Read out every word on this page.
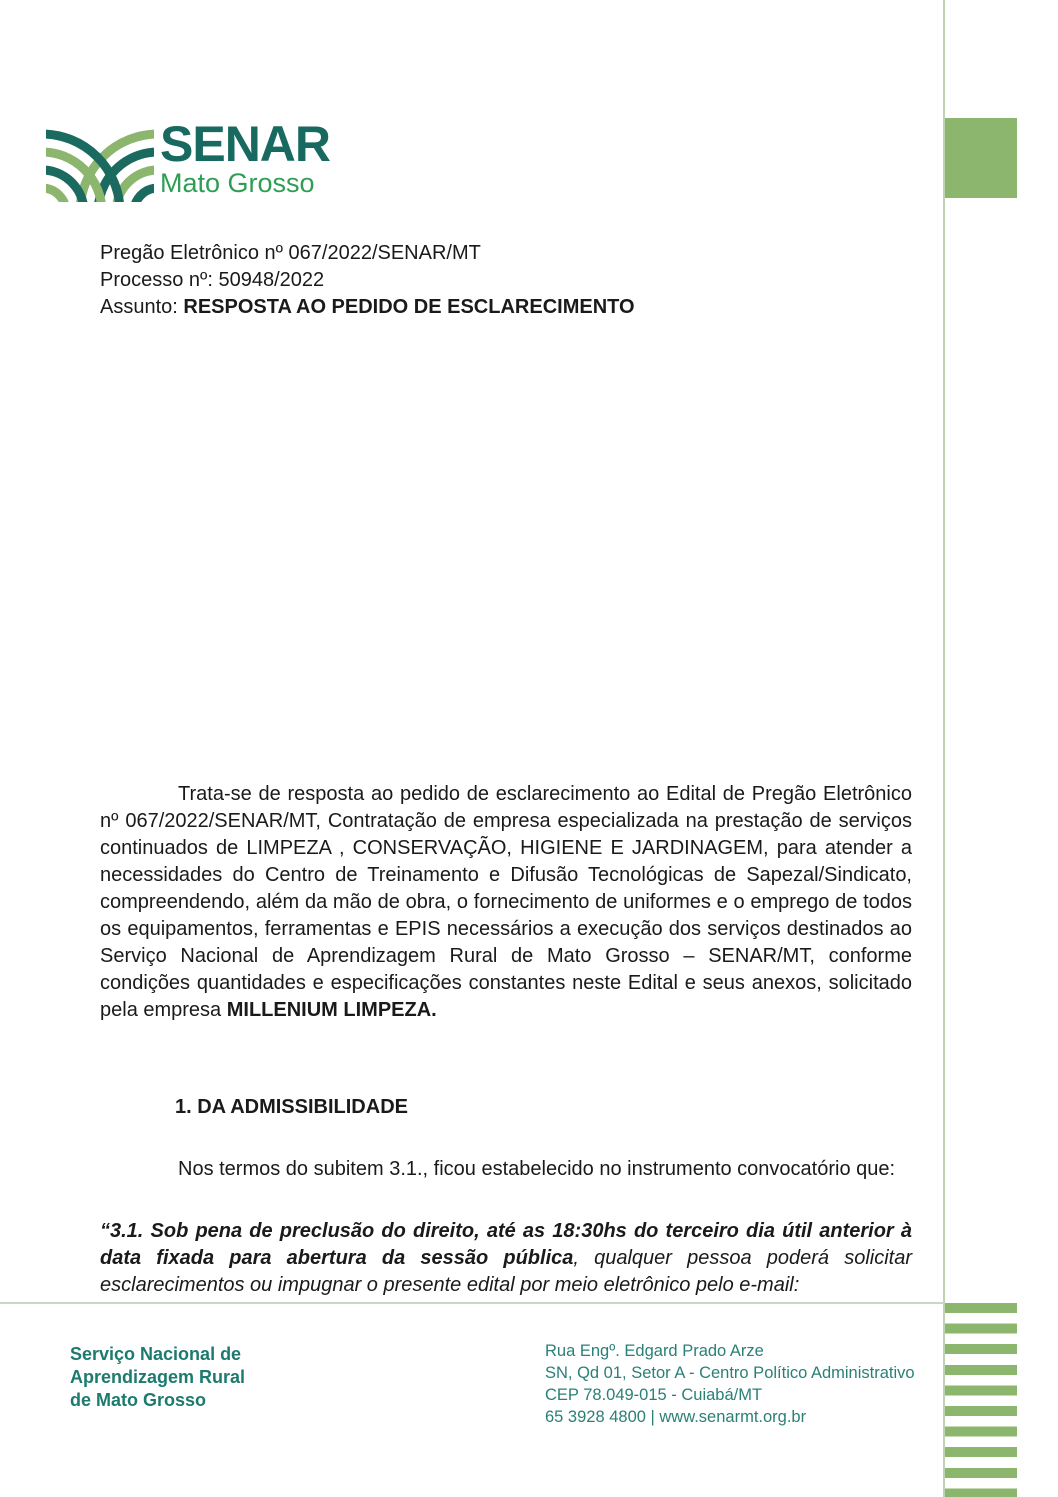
SENAR
Mato Grosso
Pregão Eletrônico nº 067/2022/SENAR/MT
Processo nº: 50948/2022
Assunto: RESPOSTA AO PEDIDO DE ESCLARECIMENTO

Trata-se de resposta ao pedido de esclarecimento ao Edital de Pregão Eletrônico nº 067/2022/SENAR/MT, Contratação de empresa especializada na prestação de serviços continuados de LIMPEZA , CONSERVAÇÃO, HIGIENE E JARDINAGEM, para atender a necessidades do Centro de Treinamento e Difusão Tecnológicas de Sapezal/Sindicato, compreendendo, além da mão de obra, o fornecimento de uniformes e o emprego de todos os equipamentos, ferramentas e EPIS necessários a execução dos serviços destinados ao Serviço Nacional de Aprendizagem Rural de Mato Grosso – SENAR/MT, conforme condições quantidades e especificações constantes neste Edital e seus anexos, solicitado pela empresa MILLENIUM LIMPEZA.

1. DA ADMISSIBILIDADE

Nos termos do subitem 3.1., ficou estabelecido no instrumento convocatório que:

“3.1. Sob pena de preclusão do direito, até as 18:30hs do terceiro dia útil anterior à data fixada para abertura da sessão pública, qualquer pessoa poderá solicitar esclarecimentos ou impugnar o presente edital por meio eletrônico pelo e-mail:

Serviço Nacional de
Aprendizagem Rural
de Mato Grosso
Rua Engº. Edgard Prado Arze
SN, Qd 01, Setor A - Centro Político Administrativo
CEP 78.049-015 - Cuiabá/MT
65 3928 4800 | www.senarmt.org.br
